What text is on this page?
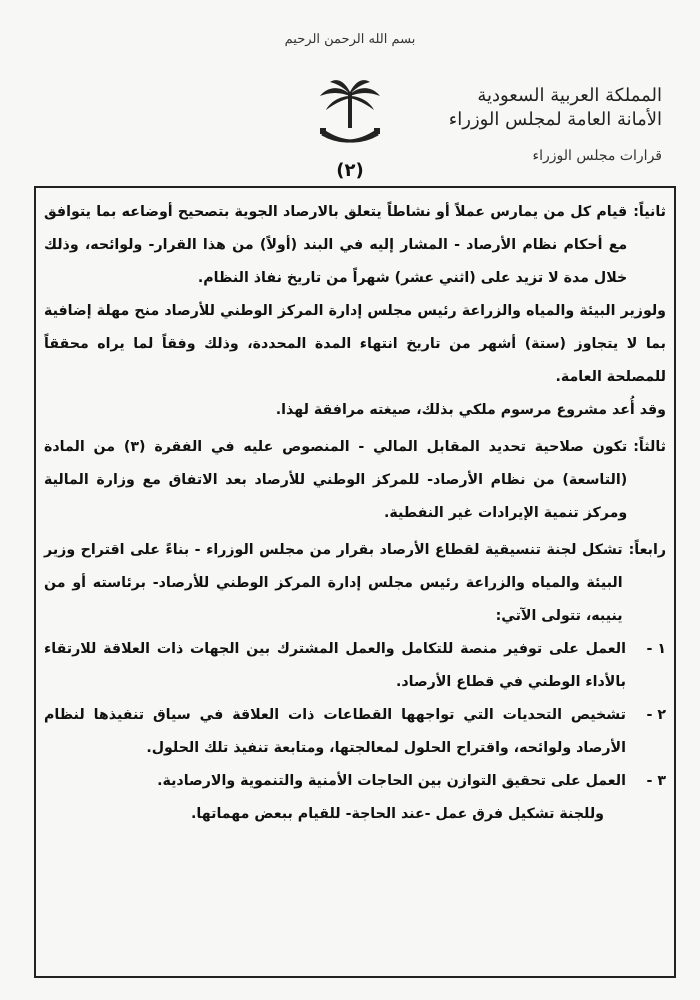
بسم الله الرحمن الرحيم
المملكة العربية السعودية
الأمانة العامة لمجلس الوزراء
قرارات مجلس الوزراء
(٢)
ثانياً:
قيام كل من يمارس عملاً أو نشاطاً يتعلق بالارصاد الجوية بتصحيح أوضاعه بما يتوافق مع أحكام نظام الأرصاد - المشار إليه في البند (أولاً) من هذا القرار- ولوائحه، وذلك خلال مدة لا تزيد على (اثني عشر) شهراً من تاريخ نفاذ النظام.
ولوزير البيئة والمياه والزراعة رئيس مجلس إدارة المركز الوطني للأرصاد منح مهلة إضافية بما لا يتجاوز (ستة) أشهر من تاريخ انتهاء المدة المحددة، وذلك وفقاً لما يراه محققاً للمصلحة العامة.
وقد أُعد مشروع مرسوم ملكي بذلك، صيغته مرافقة لهذا.
ثالثاً:
تكون صلاحية تحديد المقابل المالي - المنصوص عليه في الفقرة (٣) من المادة (التاسعة) من نظام الأرصاد- للمركز الوطني للأرصاد بعد الاتفاق مع وزارة المالية ومركز تنمية الإيرادات غير النفطية.
رابعاً:
تشكل لجنة تنسيقية لقطاع الأرصاد بقرار من مجلس الوزراء - بناءً على اقتراح وزير البيئة والمياه والزراعة رئيس مجلس إدارة المركز الوطني للأرصاد- برئاسته أو من ينيبه، تتولى الآتي:
١ -
العمل على توفير منصة للتكامل والعمل المشترك بين الجهات ذات العلاقة للارتقاء بالأداء الوطني في قطاع الأرصاد.
٢ -
تشخيص التحديات التي تواجهها القطاعات ذات العلاقة في سياق تنفيذها لنظام الأرصاد ولوائحه، واقتراح الحلول لمعالجتها، ومتابعة تنفيذ تلك الحلول.
٣ -
العمل على تحقيق التوازن بين الحاجات الأمنية والتنموية والارصادية.
وللجنة تشكيل فرق عمل -عند الحاجة- للقيام ببعض مهماتها.
